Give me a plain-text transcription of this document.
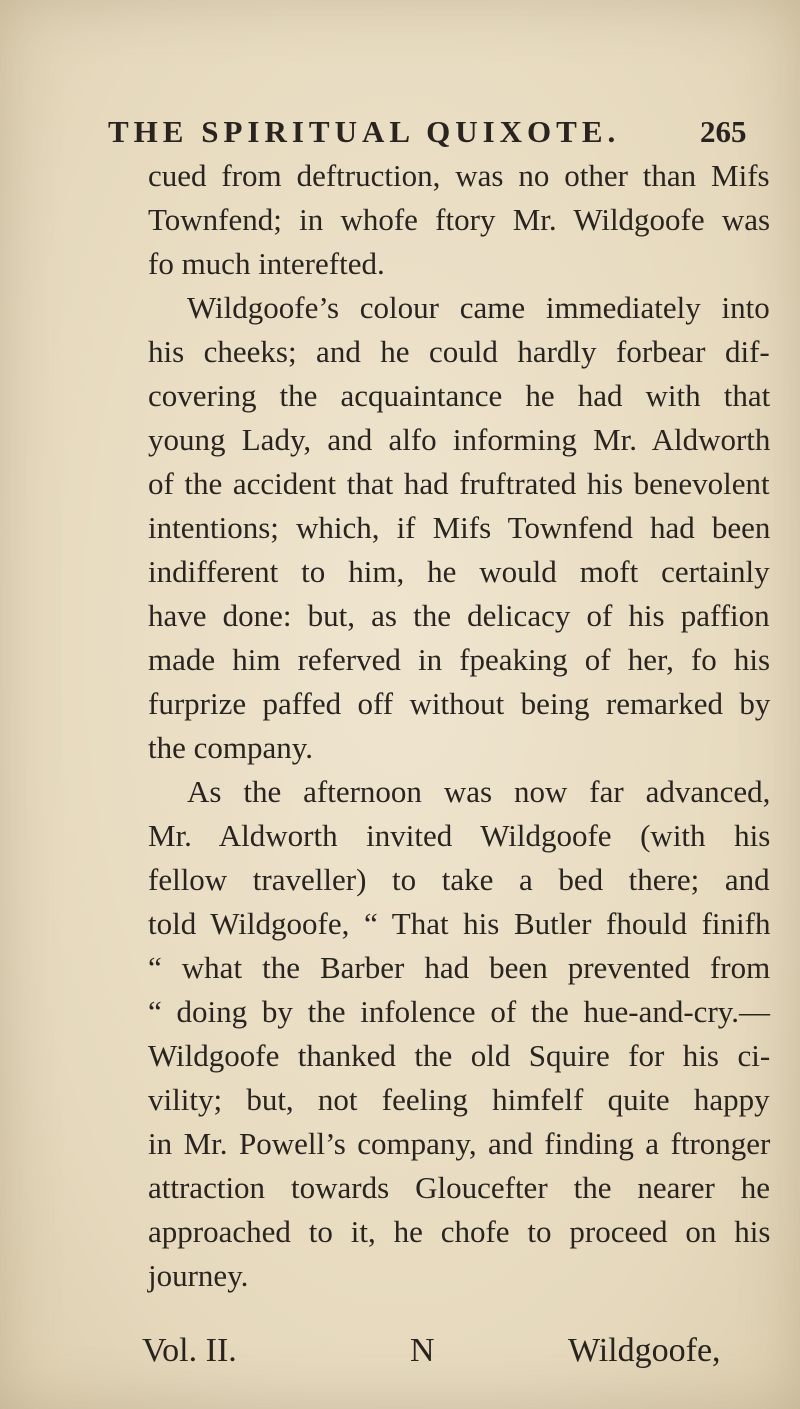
THE SPIRITUAL QUIXOTE.	265
cued from deftruction, was no other than Mifs
Townfend; in whofe ftory Mr. Wildgoofe was
fo much interefted.
Wildgoofe’s colour came immediately into
his cheeks; and he could hardly forbear dif-
covering the acquaintance he had with that
young Lady, and alfo informing Mr. Aldworth
of the accident that had fruftrated his benevolent
intentions; which, if Mifs Townfend had been
indifferent to him, he would moft certainly
have done: but, as the delicacy of his paffion
made him referved in fpeaking of her, fo his
furprize paffed off without being remarked by
the company.
As the afternoon was now far advanced,
Mr. Aldworth invited Wildgoofe (with his
fellow traveller) to take a bed there; and
told Wildgoofe, “ That his Butler fhould finifh
“ what the Barber had been prevented from
“ doing by the infolence of the hue-and-cry.—
Wildgoofe thanked the old Squire for his ci-
vility; but, not feeling himfelf quite happy
in Mr. Powell’s company, and finding a ftronger
attraction towards Gloucefter the nearer he
approached to it, he chofe to proceed on his
journey.
Vol. II.	N	Wildgoofe,
